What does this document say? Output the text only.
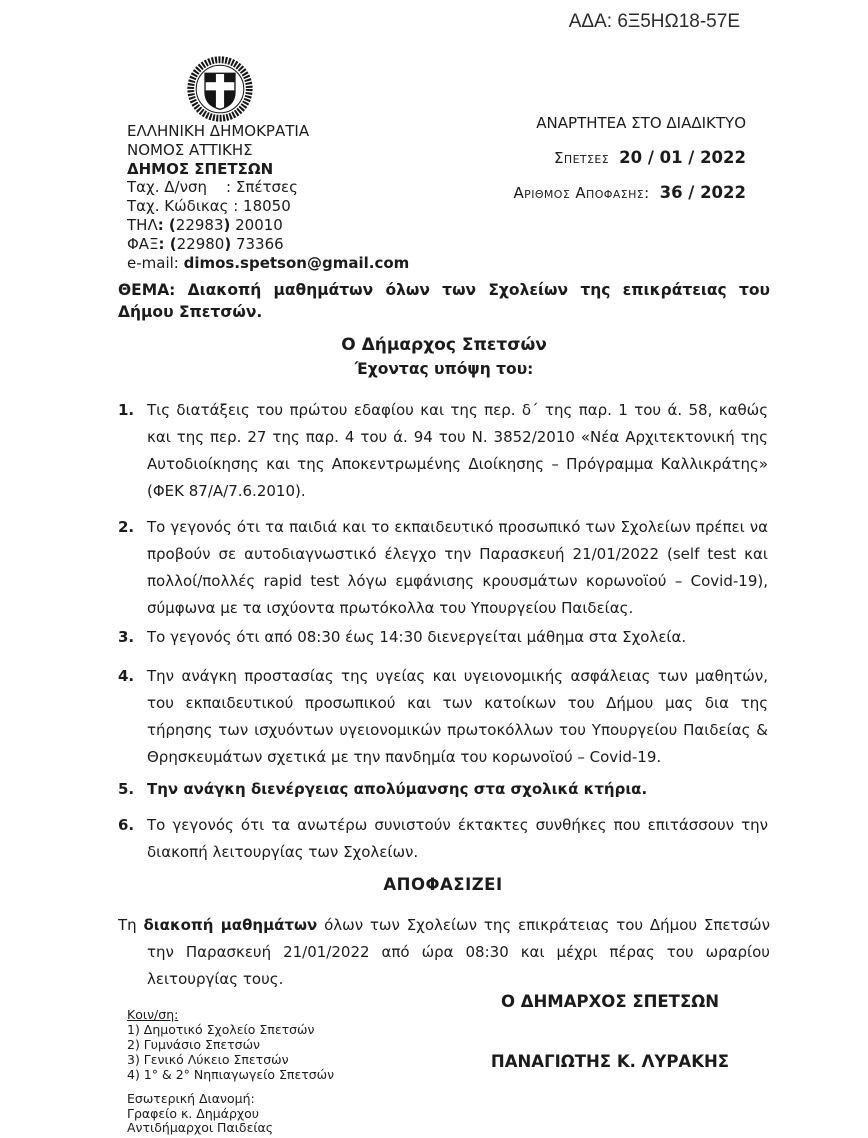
ΑΔΑ: 6Ξ5ΗΩ18-57Ε
ΕΛΛΗΝΙΚΗ ΔΗΜΟΚΡΑΤΙΑ
ΝΟΜΟΣ ΑΤΤΙΚΗΣ
ΔΗΜΟΣ ΣΠΕΤΣΩΝ
Ταχ. Δ/νση    : Σπέτσες
Ταχ. Κώδικας : 18050
ΤΗΛ: (22983) 20010
ΦΑΞ: (22980) 73366
e-mail: dimos.spetson@gmail.com
ΑΝΑΡΤΗΤΕΑ ΣΤΟ ΔΙΑΔΙΚΤΥΟ
Σπετσες 20 / 01 / 2022
Αριθμος Αποφασης: 36 / 2022
ΘΕΜΑ: Διακοπή μαθημάτων όλων των Σχολείων της επικράτειας του Δήμου Σπετσών.
Ο Δήμαρχος Σπετσών
Έχοντας υπόψη του:
1. Τις διατάξεις του πρώτου εδαφίου και της περ. δ΄ της παρ. 1 του ά. 58, καθώς και της περ. 27 της παρ. 4 του ά. 94 του Ν. 3852/2010 «Νέα Αρχιτεκτονική της Αυτοδιοίκησης και της Αποκεντρωμένης Διοίκησης – Πρόγραμμα Καλλικράτης» (ΦΕΚ 87/Α/7.6.2010).
2. Το γεγονός ότι τα παιδιά και το εκπαιδευτικό προσωπικό των Σχολείων πρέπει να προβούν σε αυτοδιαγνωστικό έλεγχο την Παρασκευή 21/01/2022 (self test και πολλοί/πολλές rapid test λόγω εμφάνισης κρουσμάτων κορωνοϊού – Covid-19), σύμφωνα με τα ισχύοντα πρωτόκολλα του Υπουργείου Παιδείας.
3. Το γεγονός ότι από 08:30 έως 14:30 διενεργείται μάθημα στα Σχολεία.
4. Την ανάγκη προστασίας της υγείας και υγειονομικής ασφάλειας των μαθητών, του εκπαιδευτικού προσωπικού και των κατοίκων του Δήμου μας δια της τήρησης των ισχυόντων υγειονομικών πρωτοκόλλων του Υπουργείου Παιδείας & Θρησκευμάτων σχετικά με την πανδημία του κορωνοϊού – Covid-19.
5. Την ανάγκη διενέργειας απολύμανσης στα σχολικά κτήρια.
6. Το γεγονός ότι τα ανωτέρω συνιστούν έκτακτες συνθήκες που επιτάσσουν την διακοπή λειτουργίας των Σχολείων.
ΑΠΟΦΑΣΙΖΕΙ
Τη διακοπή μαθημάτων όλων των Σχολείων της επικράτειας του Δήμου Σπετσών την Παρασκευή 21/01/2022 από ώρα 08:30 και μέχρι πέρας του ωραρίου λειτουργίας τους.
Ο ΔΗΜΑΡΧΟΣ ΣΠΕΤΣΩΝ
ΠΑΝΑΓΙΩΤΗΣ Κ. ΛΥΡΑΚΗΣ
Κοιν/ση:
1) Δημοτικό Σχολείο Σπετσών
2) Γυμνάσιο Σπετσών
3) Γενικό Λύκειο Σπετσών
4) 1° & 2° Νηπιαγωγείο Σπετσών
Εσωτερική Διανομή:
Γραφείο κ. Δημάρχου
Αντιδήμαρχοι Παιδείας
